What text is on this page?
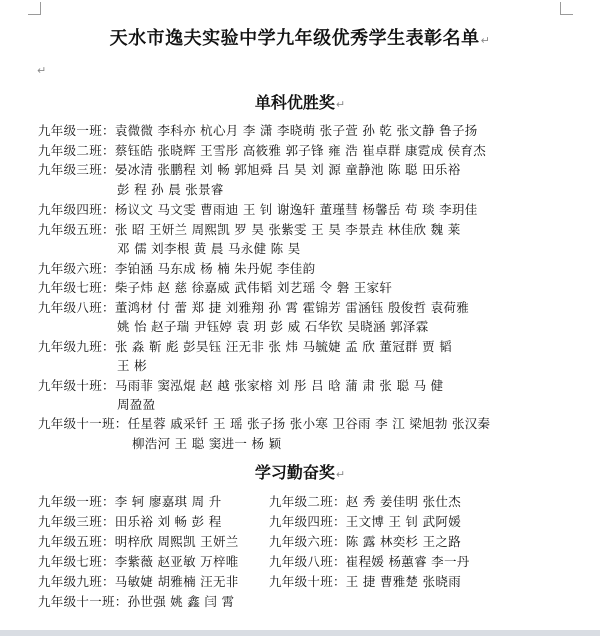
天水市逸夫实验中学九年级优秀学生表彰名单↵
↵
单科优胜奖↵
九年级一班：袁微微 李科亦 杭心月 李 潇 李晓萌 张子萱 孙 乾 张文静 鲁子扬
九年级二班：蔡钰皓 张晓辉 王雪彤 高筱雅 郭子锋 雍 浩 崔卓群 康霓成 侯育杰
九年级三班：晏冰清 张鹏程 刘 畅 郭旭舜 吕 昊 刘 源 童静池 陈 聪 田乐裕
彭 程 孙 晨 张景睿
九年级四班：杨议文 马文雯 曹雨迪 王 钊 谢逸轩 董瑾彗 杨馨岳 苟 琰 李玥佳
九年级五班：张 昭 王妍兰 周熙凯 罗 昊 张紫雯 王 昊 李景垚 林佳欣 魏 莱
邓 儒 刘李根 黄 晨 马永健 陈 昊
九年级六班：李铂涵 马东成 杨 楠 朱丹妮 李佳韵
九年级七班：柴子炜 赵 慈 徐嘉威 武伟韬 刘艺瑶 令 磐 王家轩
九年级八班：董鸿材 付 蕾 郑 捷 刘雅翔 孙 霄 霍锦芳 雷涵钰 殷俊哲 袁荷雅
姚 怡 赵子瑞 尹钰婷 袁 玥 彭 威 石华钦 吴晓涵 郭泽霖
九年级九班：张 淼 靳 彪 彭昊钰 汪无非 张 炜 马毓婕 孟 欣 董冠群 贾 韬
王 彬
九年级十班：马雨菲 窦泓焜 赵 越 张家榕 刘 彤 吕 晗 蒲 肃 张 聪 马 健
周盈盈
九年级十一班：任星蓉 戚采钎 王 瑶 张子扬 张小寒 卫谷雨 李 江 梁旭勃 张汉秦
柳浩河 王 聪 窦进一 杨 颖
学习勤奋奖↵
九年级一班：李 轲 廖嘉琪 周 升	九年级二班：赵 秀 姜佳明 张仕杰
九年级三班：田乐裕 刘 畅 彭 程	九年级四班：王文博 王 钊 武阿媛
九年级五班：明梓欣 周熙凯 王妍兰 九年级六班：陈 露 林奕杉 王之路
九年级七班：李紫薇 赵亚敏 万梓唯 九年级八班：崔程媛 杨蕙睿 李一丹
九年级九班：马敏婕 胡雅楠 汪无非 九年级十班：王 捷 曹雅楚 张晓雨
九年级十一班：孙世强 姚 鑫 闫 霄
